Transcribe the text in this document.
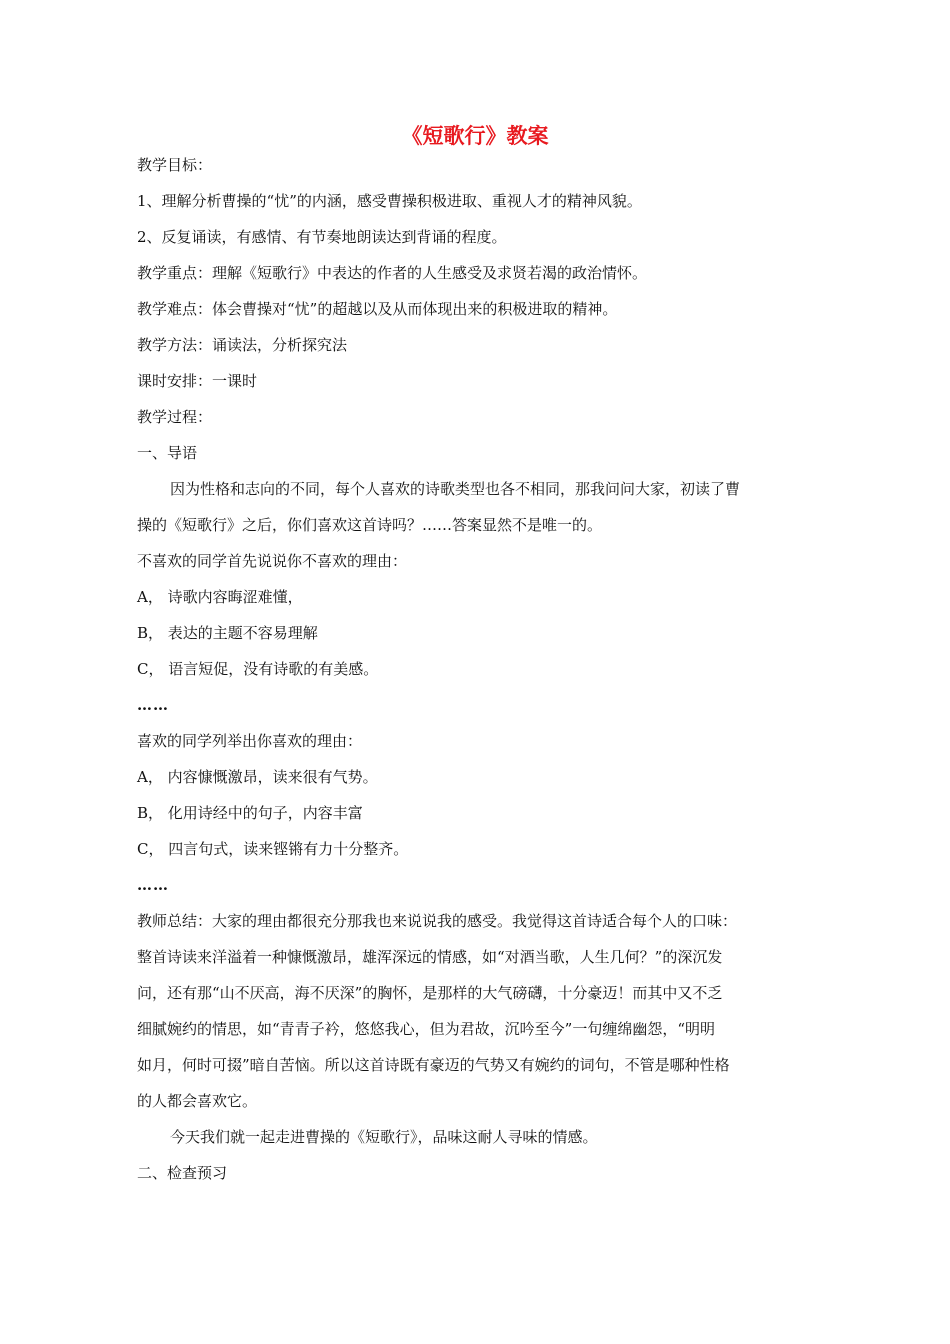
《短歌行》教案
教学目标：
1、理解分析曹操的“忧”的内涵，感受曹操积极进取、重视人才的精神风貌。
2、反复诵读，有感情、有节奏地朗读达到背诵的程度。
教学重点：理解《短歌行》中表达的作者的人生感受及求贤若渴的政治情怀。
教学难点：体会曹操对“忧”的超越以及从而体现出来的积极进取的精神。
教学方法：诵读法，分析探究法
课时安排：一课时
教学过程：
一、导语
因为性格和志向的不同，每个人喜欢的诗歌类型也各不相同，那我问问大家，初读了曹
操的《短歌行》之后，你们喜欢这首诗吗？……答案显然不是唯一的。
不喜欢的同学首先说说你不喜欢的理由：
A， 诗歌内容晦涩难懂，
B， 表达的主题不容易理解
C， 语言短促，没有诗歌的有美感。
……
喜欢的同学列举出你喜欢的理由：
A， 内容慷慨激昂，读来很有气势。
B， 化用诗经中的句子，内容丰富
C， 四言句式，读来铿锵有力十分整齐。
……
教师总结：大家的理由都很充分那我也来说说我的感受。我觉得这首诗适合每个人的口味：
整首诗读来洋溢着一种慷慨激昂，雄浑深远的情感，如“对酒当歌，人生几何？”的深沉发
问，还有那“山不厌高，海不厌深”的胸怀，是那样的大气磅礴，十分豪迈！而其中又不乏
细腻婉约的情思，如“青青子衿，悠悠我心，但为君故，沉吟至今”一句缠绵幽怨，“明明
如月，何时可掇”暗自苦恼。所以这首诗既有豪迈的气势又有婉约的词句，不管是哪种性格
的人都会喜欢它。
今天我们就一起走进曹操的《短歌行》，品味这耐人寻味的情感。
二、检查预习
